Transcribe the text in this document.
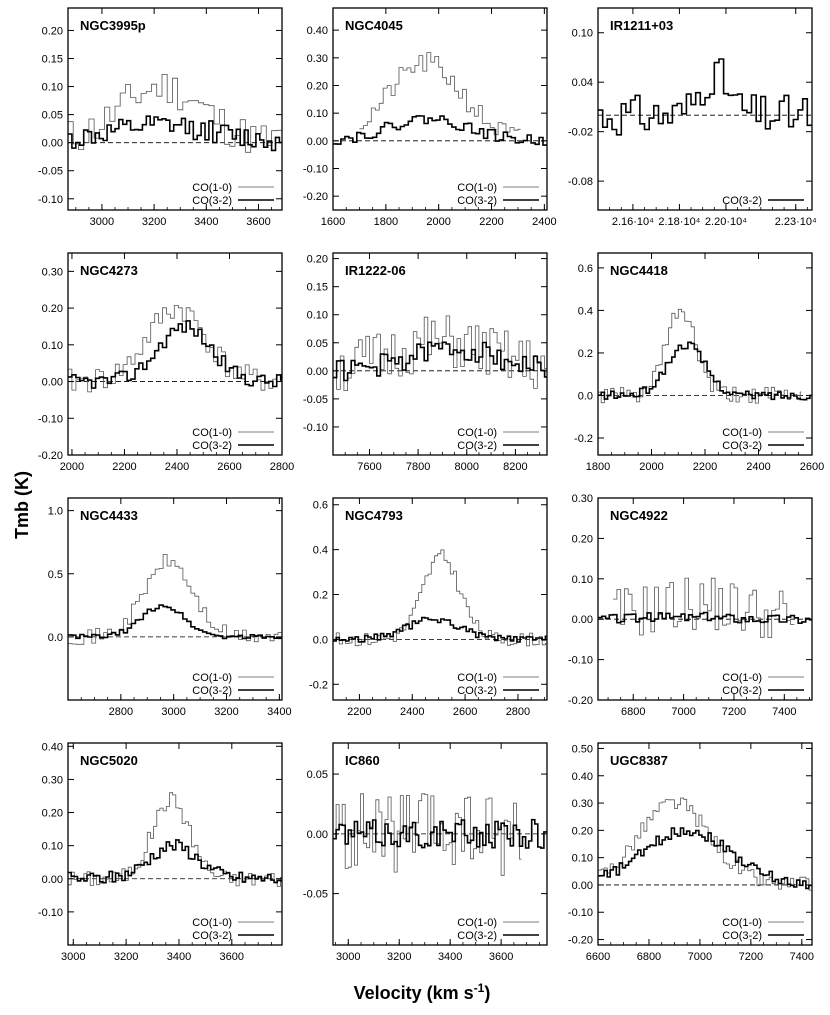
Tmb (K)
Velocity (km $s^{-1}$)
3000	3200	3400	3600
-0.10
-0.05
0.00
0.05
0.10
0.15
0.20 NGC3995p
CO(1-0)
CO(3-2)
1600	1800	2000	2200	2400
-0.20
-0.10
0.00
0.10
0.20
0.30
0.40 NGC4045
CO(1-0)
CO(3-2)
2.16·10⁴ 2.18·10⁴ 2.20·10⁴	2.23·10⁴
-0.08
-0.02
0.04
0.10
IR1211+03
CO(3-2)
2000	2200	2400	2600	2800
-0.20
-0.10
0.00
0.10
0.20
0.30 NGC4273
CO(1-0)
CO(3-2)
7600 7800 8000 8200
-0.10
-0.05
0.00
0.05
0.10
0.15
0.20
IR1222-06
CO(1-0)
CO(3-2)
1800	2000	2200	2400	2600
-0.2
0.0
0.2
0.4
0.6 NGC4418
CO(1-0)
CO(3-2)
2800	3000	3200	3400
0.0
0.5
1.0 NGC4433
CO(1-0)
CO(3-2)
2200	2400	2600	2800
-0.2
0.0
0.2
0.4
0.6
NGC4793
CO(1-0)
CO(3-2)
6800 7000 7200 7400
-0.20
-0.10
0.00
0.10
0.20
0.30
NGC4922
CO(1-0)
CO(3-2)
3000	3200	3400	3600
-0.10
0.00
0.10
0.20
0.30
0.40
NGC5020
CO(1-0)
CO(3-2)
3000 3200 3400 3600
-0.05
0.00
0.05
IC860
CO(1-0)
CO(3-2)
6600 6800 7000 7200 7400
-0.20
-0.10
0.00
0.10
0.20
0.30
0.40
0.50
UGC8387
CO(1-0)
CO(3-2)
